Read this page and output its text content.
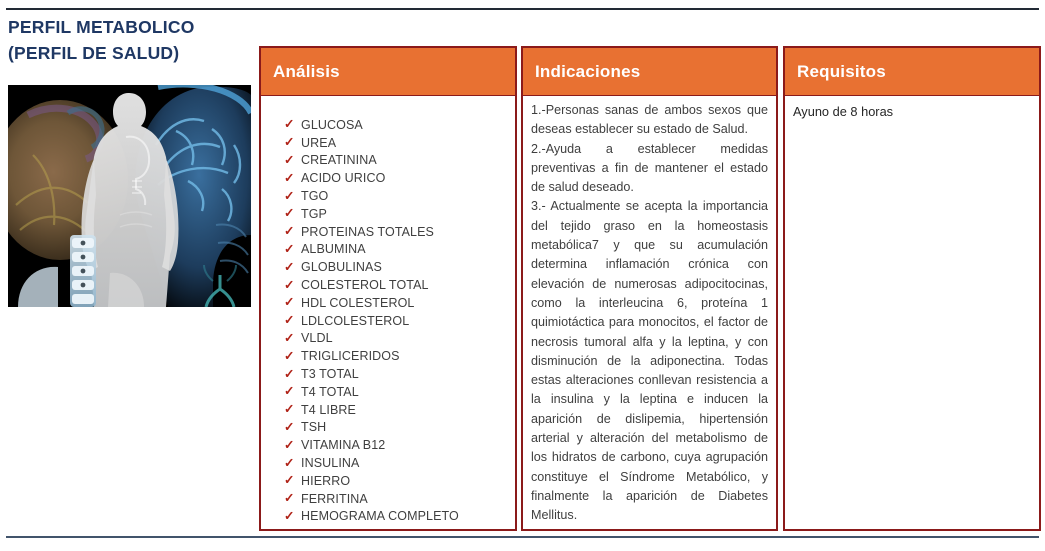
PERFIL METABOLICO
(PERFIL DE SALUD)
Análisis
✓ GLUCOSA
✓ UREA
✓ CREATININA
✓ ACIDO URICO
✓ TGO
✓ TGP
✓ PROTEINAS TOTALES
✓ ALBUMINA
✓ GLOBULINAS
✓ COLESTEROL TOTAL
✓ HDL COLESTEROL
✓ LDLCOLESTEROL
✓ VLDL
✓ TRIGLICERIDOS
✓ T3 TOTAL
✓ T4 TOTAL
✓ T4 LIBRE
✓ TSH
✓ VITAMINA B12
✓ INSULINA
✓ HIERRO
✓ FERRITINA
✓ HEMOGRAMA COMPLETO
Indicaciones

1.-Personas sanas de ambos sexos que deseas establecer su estado de Salud.

2.-Ayuda a establecer medidas preventivas a fin de mantener el estado de salud deseado.

3.- Actualmente se acepta la importancia del tejido graso en la homeostasis metabólica7 y que su acumulación determina inflamación crónica con elevación de numerosas adipocitocinas, como la interleucina 6, proteína 1 quimiotáctica para monocitos, el factor de necrosis tumoral alfa y la leptina, y con disminución de la adiponectina. Todas estas alteraciones conllevan resistencia a la insulina y la leptina e inducen la aparición de dislipemia, hipertensión arterial y alteración del metabolismo de los hidratos de carbono, cuya agrupación constituye el Síndrome Metabólico, y finalmente la aparición de Diabetes Mellitus.

Requisitos
Ayuno de 8 horas
